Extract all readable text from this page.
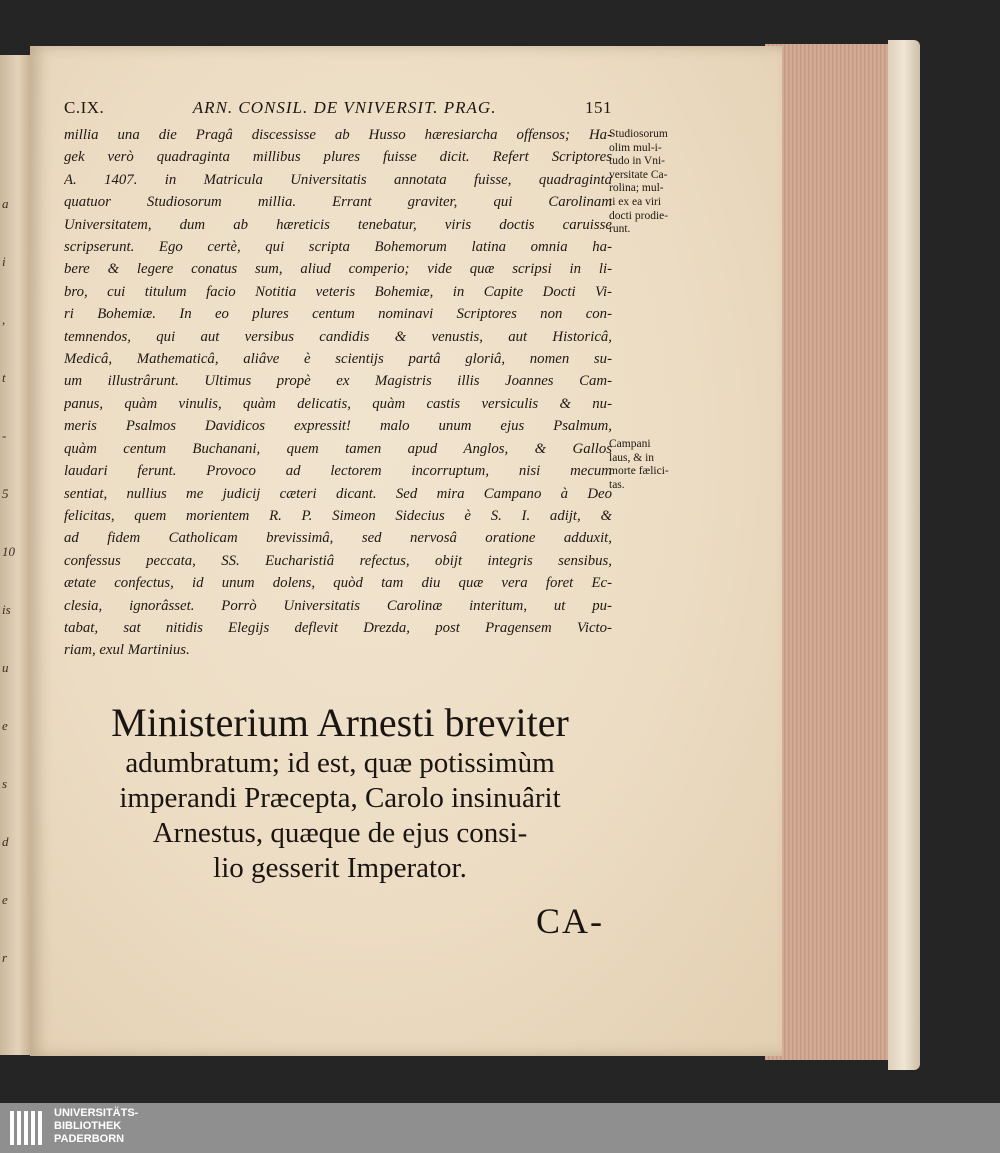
a
i
,
t
-
5
10
is
u
e
s
d
e
r
C.IX.	ARN. CONSIL. DE VNIVERSIT. PRAG.	151
millia una die Pragâ discessisse ab Husso hæresiarcha offensos; Ha-
gek verò quadraginta millibus plures fuisse dicit. Refert Scriptores
A. 1407. in Matricula Universitatis annotata fuisse, quadraginta
quatuor Studiosorum millia. Errant graviter, qui Carolinam
Universitatem, dum ab hæreticis tenebatur, viris doctis caruisse
scripserunt. Ego certè, qui scripta Bohemorum latina omnia ha-
bere & legere conatus sum, aliud comperio; vide quæ scripsi in li-
bro, cui titulum facio Notitia veteris Bohemiæ, in Capite Docti Vi-
ri Bohemiæ. In eo plures centum nominavi Scriptores non con-
temnendos, qui aut versibus candidis & venustis, aut Historicâ,
Medicâ, Mathematicâ, aliâve è scientijs partâ gloriâ, nomen su-
um illustrârunt. Ultimus propè ex Magistris illis Joannes Cam-
panus, quàm vinulis, quàm delicatis, quàm castis versiculis & nu-
meris Psalmos Davidicos expressit! malo unum ejus Psalmum,
quàm centum Buchanani, quem tamen apud Anglos, & Gallos
laudari ferunt. Provoco ad lectorem incorruptum, nisi mecum
sentiat, nullius me judicij cæteri dicant. Sed mira Campano à Deo
felicitas, quem morientem R. P. Simeon Sidecius è S. I. adijt, &
ad fidem Catholicam brevissimâ, sed nervosâ oratione adduxit,
confessus peccata, SS. Eucharistiâ refectus, obijt integris sensibus,
ætate confectus, id unum dolens, quòd tam diu quæ vera foret Ec-
clesia, ignorâsset. Porrò Universitatis Carolinæ interitum, ut pu-
tabat, sat nitidis Elegijs deflevit Drezda, post Pragensem Victo-
riam, exul Martinius.
Studiosorum
olim mul-i-
tudo in Vni-
versitate Ca-
rolina; mul-
ti ex ea viri
docti prodie-
runt.
Campani
laus, & in
morte fælici-
tas.
Ministerium Arnesti breviter
adumbratum; id est, quæ potissimùm
imperandi Præcepta, Carolo insinuârit
Arnestus, quæque de ejus consi-
lio gesserit Imperator.
CA-
UNIVERSITÄTS-
BIBLIOTHEK
PADERBORN
